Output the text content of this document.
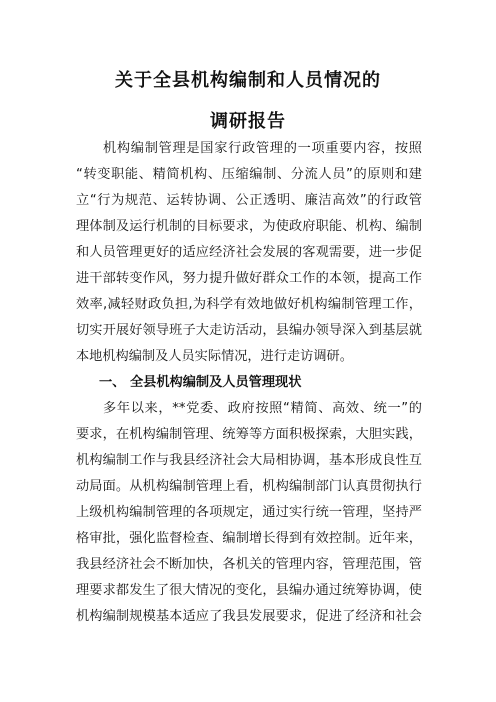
关于全县机构编制和人员情况的
调研报告
机构编制管理是国家行政管理的一项重要内容，按照
“转变职能、精简机构、压缩编制、分流人员”的原则和建
立“行为规范、运转协调、公正透明、廉洁高效”的行政管
理体制及运行机制的目标要求，为使政府职能、机构、编制
和人员管理更好的适应经济社会发展的客观需要，进一步促
进干部转变作风，努力提升做好群众工作的本领，提高工作
效率,减轻财政负担,为科学有效地做好机构编制管理工作，
切实开展好领导班子大走访活动，县编办领导深入到基层就
本地机构编制及人员实际情况，进行走访调研。
一、 全县机构编制及人员管理现状
多年以来，**党委、政府按照“精简、高效、统一”的
要求，在机构编制管理、统筹等方面积极探索，大胆实践，
机构编制工作与我县经济社会大局相协调，基本形成良性互
动局面。从机构编制管理上看，机构编制部门认真贯彻执行
上级机构编制管理的各项规定，通过实行统一管理，坚持严
格审批，强化监督检查、编制增长得到有效控制。近年来，
我县经济社会不断加快，各机关的管理内容，管理范围，管
理要求都发生了很大情况的变化，县编办通过统筹协调，使
机构编制规模基本适应了我县发展要求，促进了经济和社会
